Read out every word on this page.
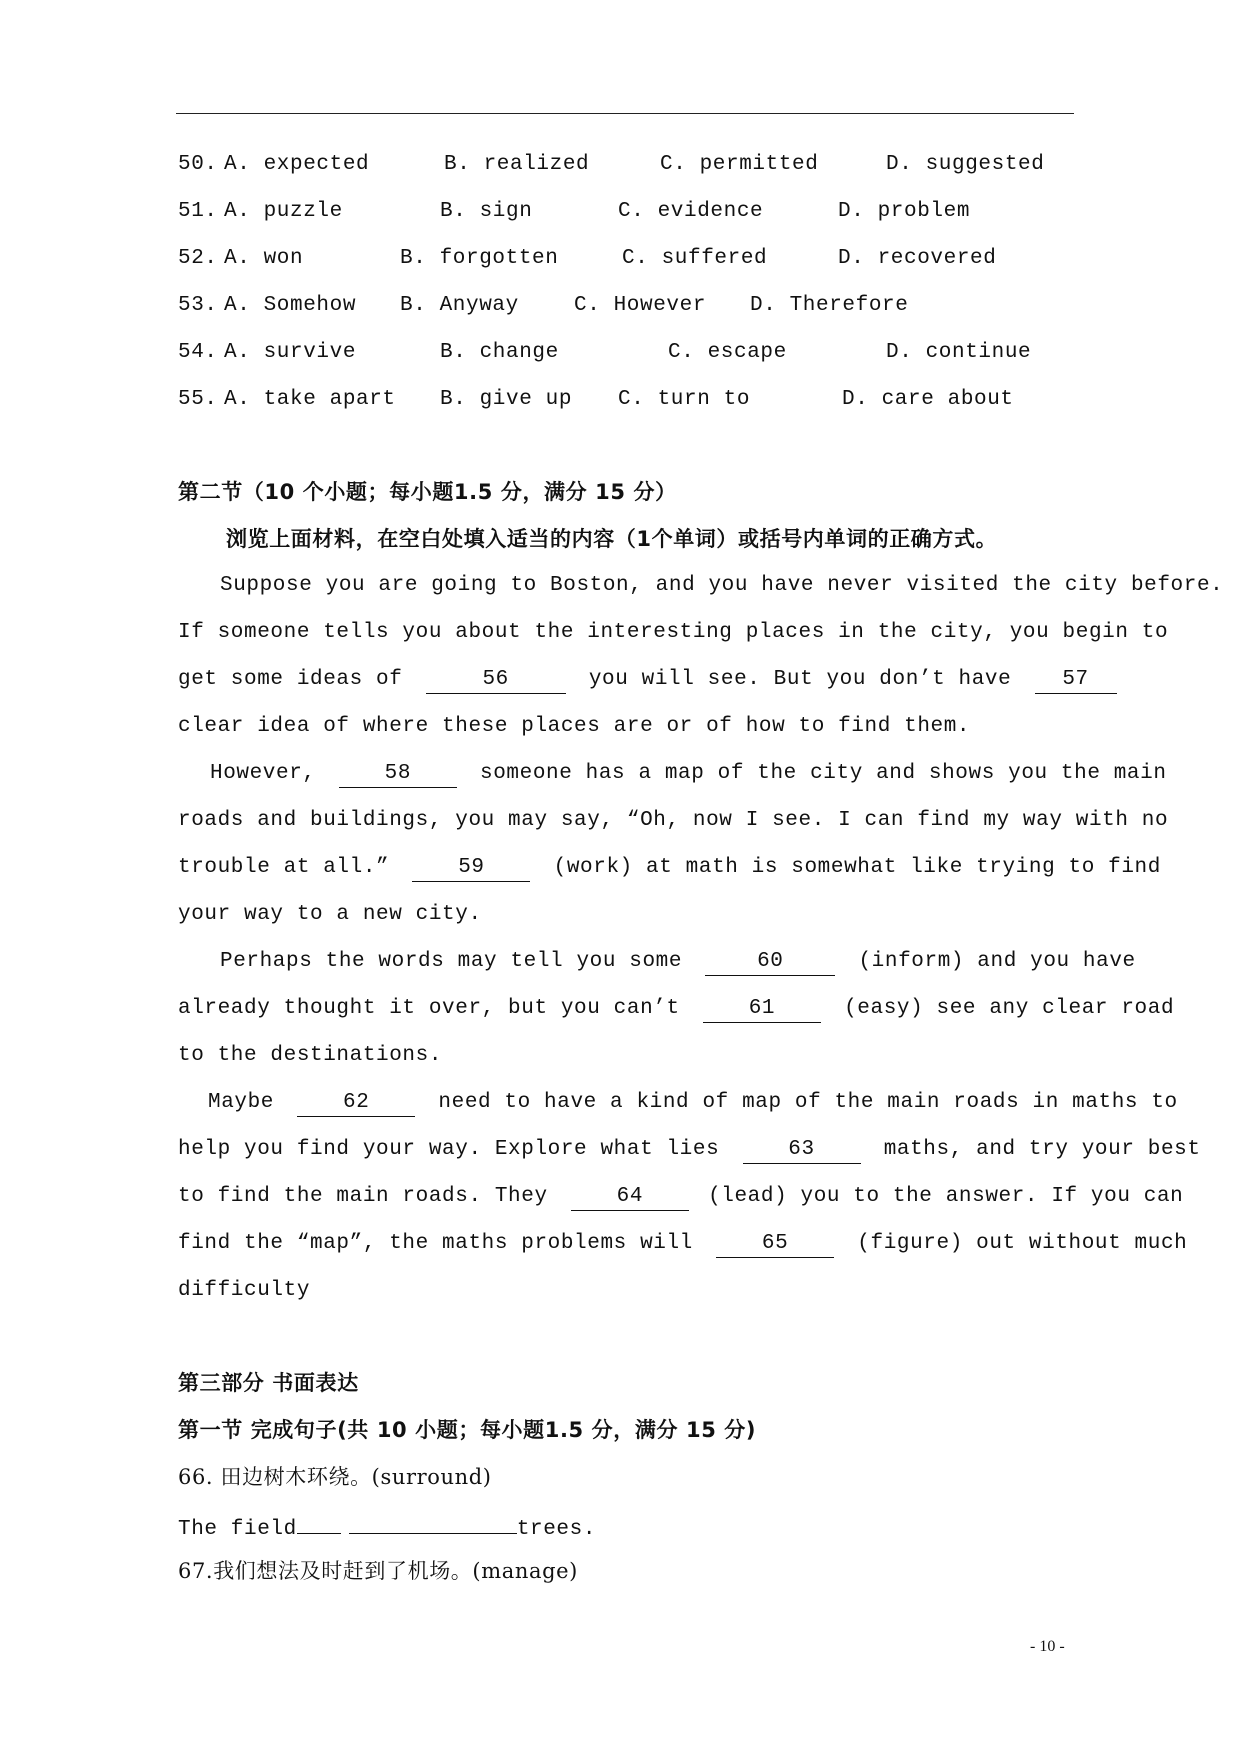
50. A. expected	B. realized	C. permitted	D. suggested
51. A. puzzle	B. sign	C. evidence	D. problem
52. A. won	B. forgotten	C. suffered	D. recovered
53. A. Somehow B. Anyway	C. However D. Therefore
54. A. survive	B. change	C. escape	D. continue
55. A. take apart B. give up C. turn to	D. care about
第二节（10 个小题；每小题1.5 分，满分 15 分）
浏览上面材料，在空白处填入适当的内容（1个单词）或括号内单词的正确方式。
Suppose you are going to Boston, and you have never visited the city before.
If someone tells you about the interesting places in the city, you begin to
get some ideas of	56	you will see. But you don’t have 57
clear idea of where these places are or of how to find them.
However,	58	someone has a map of the city and shows you the main
roads and buildings, you may say, “Oh, now I see. I can find my way with no
trouble at all.”	59	(work) at math is somewhat like trying to find
your way to a new city.
Perhaps the words may tell you some	60	(inform) and you have
already thought it over, but you can’t	61	(easy) see any clear road
to the destinations.
Maybe	62	need to have a kind of map of the main roads in maths to
help you find your way. Explore what lies	63	maths, and try your best
to find the main roads. They	64	(lead) you to the answer. If you can
find the “map”, the maths problems will	65	(figure) out without much
difficulty
第三部分 书面表达
第一节 完成句子(共 10 小题；每小题1.5 分，满分 15 分)
66. 田边树木环绕。(surround)
The field	trees.
67.我们想法及时赶到了机场。(manage)
- 10 -
